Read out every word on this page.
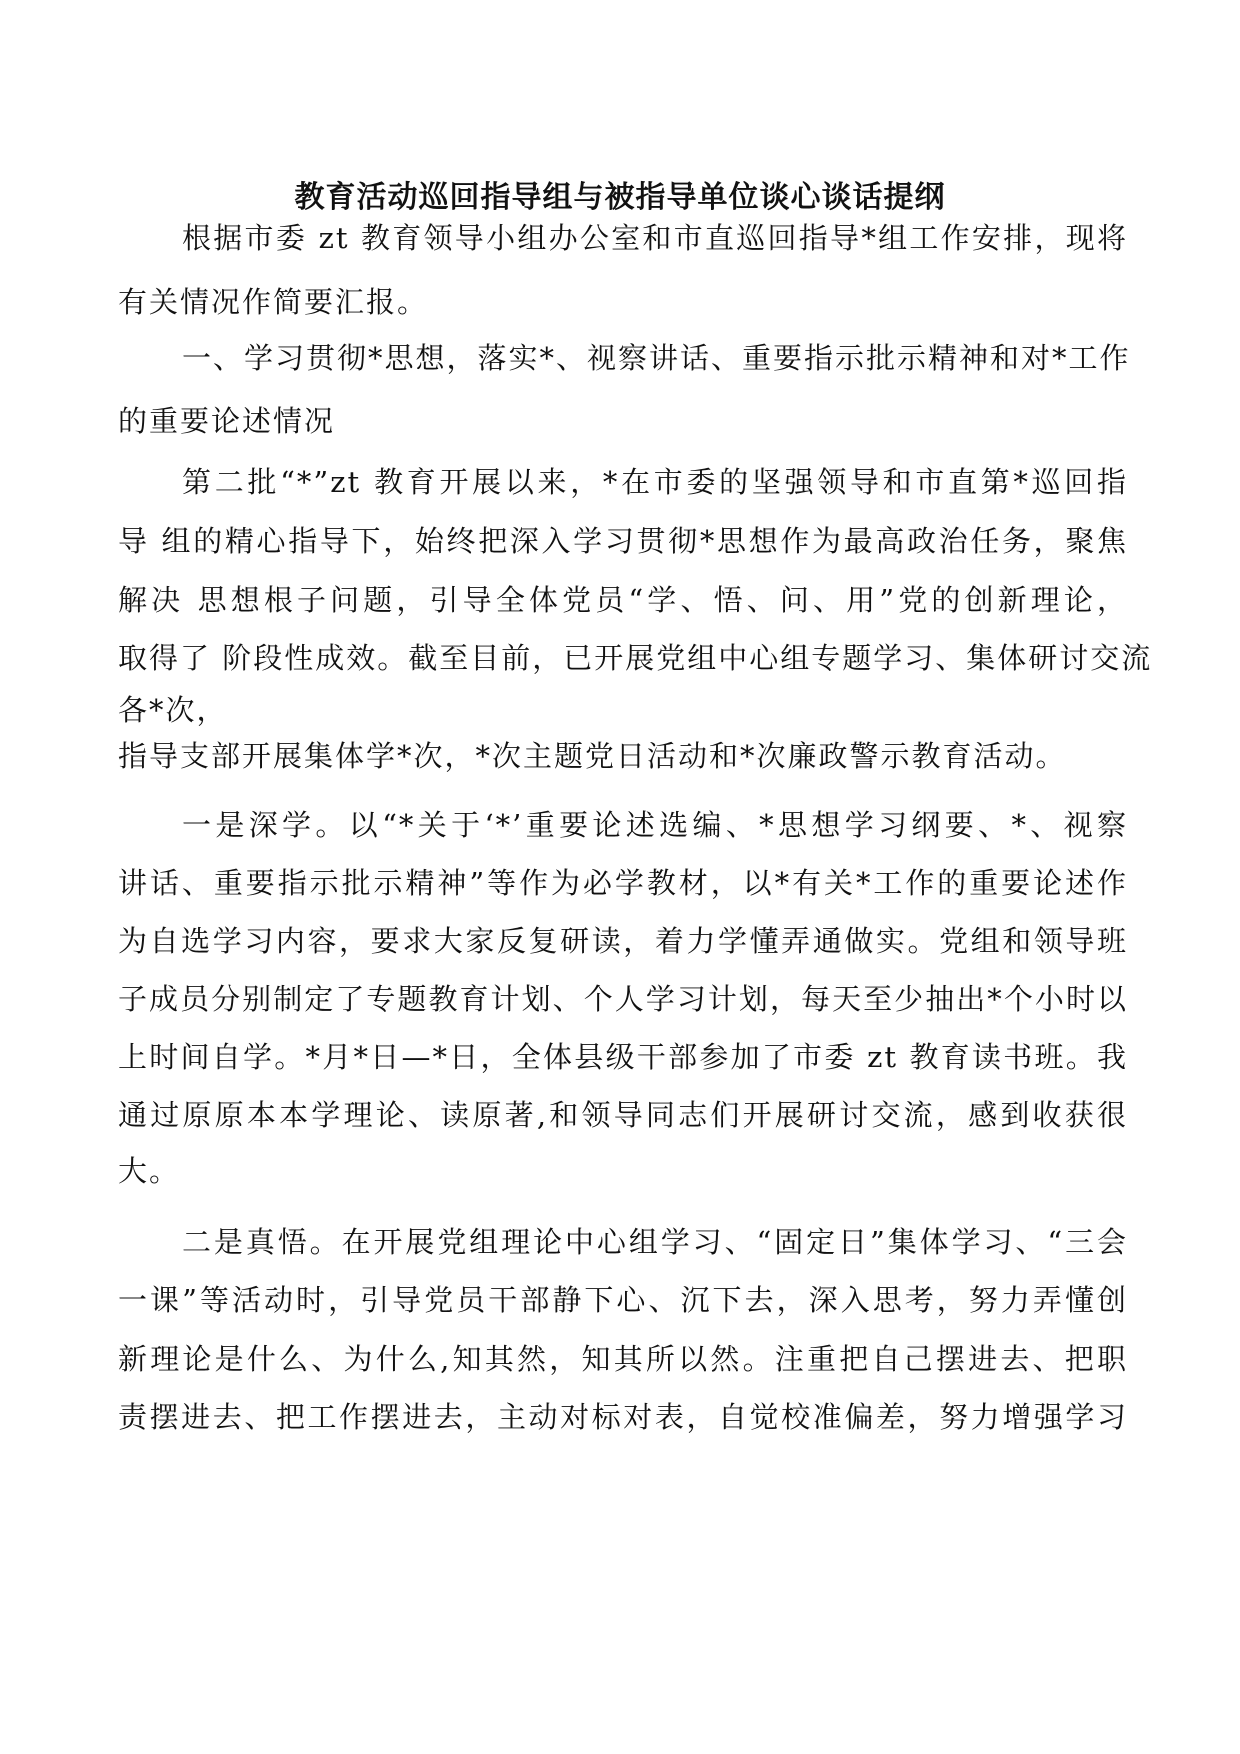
教育活动巡回指导组与被指导单位谈心谈话提纲

根据市委 zt 教育领导小组办公室和市直巡回指导*组工作安排，现将

有关情况作简要汇报。

一、学习贯彻*思想，落实*、视察讲话、重要指示批示精神和对*工作

的重要论述情况

第二批“*”zt 教育开展以来，*在市委的坚强领导和市直第*巡回指

导 组的精心指导下，始终把深入学习贯彻*思想作为最高政治任务，聚焦

解决 思想根子问题，引导全体党员“学、悟、问、用”党的创新理论，

取得了 阶段性成效。截至目前，已开展党组中心组专题学习、集体研讨交流

各*次，

指导支部开展集体学*次，*次主题党日活动和*次廉政警示教育活动。

一是深学。以“*关于‘*’重要论述选编、*思想学习纲要、*、视察

讲话、重要指示批示精神”等作为必学教材，以*有关*工作的重要论述作

为自选学习内容，要求大家反复研读，着力学懂弄通做实。党组和领导班

子成员分别制定了专题教育计划、个人学习计划，每天至少抽出*个小时以

上时间自学。*月*日—*日，全体县级干部参加了市委 zt 教育读书班。我

通过原原本本学理论、读原著,和领导同志们开展研讨交流，感到收获很

大。

二是真悟。在开展党组理论中心组学习、“固定日”集体学习、“三会

一课”等活动时，引导党员干部静下心、沉下去，深入思考，努力弄懂创

新理论是什么、为什么,知其然，知其所以然。注重把自己摆进去、把职

责摆进去、把工作摆进去，主动对标对表，自觉校准偏差，努力增强学习
